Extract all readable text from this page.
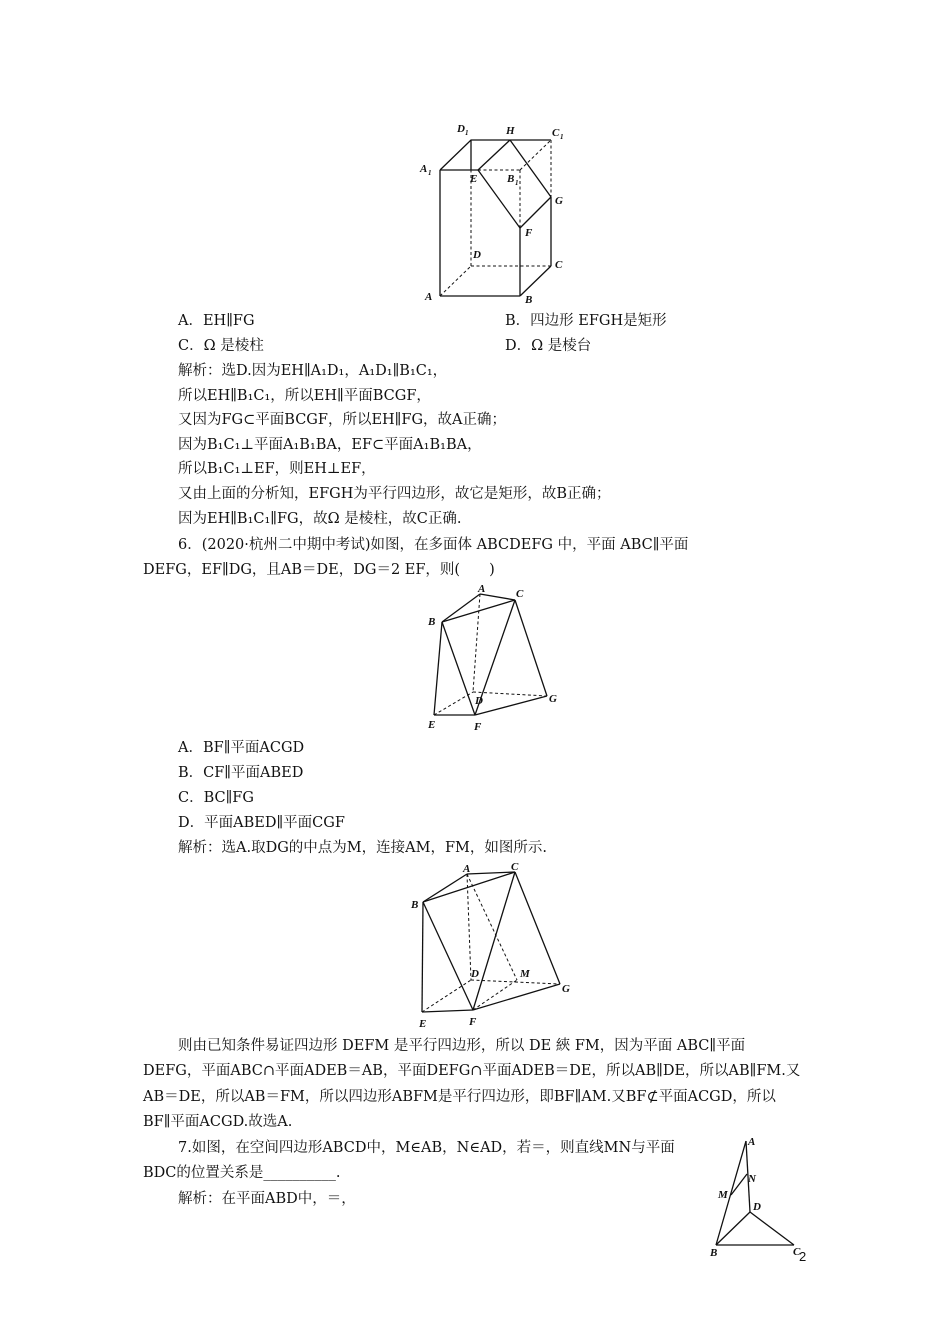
A 1
D 1	H	C 1
E	B 1
G
F
D
C
A	B
A．EH∥FG	B．四边形 EFGH是矩形
C．Ω 是棱柱	D．Ω 是棱台
解析：选D.因为EH∥A₁D₁，A₁D₁∥B₁C₁，
所以EH∥B₁C₁，所以EH∥平面BCGF，
又因为FG⊂平面BCGF，所以EH∥FG，故A正确；
因为B₁C₁⊥平面A₁B₁BA，EF⊂平面A₁B₁BA，
所以B₁C₁⊥EF，则EH⊥EF，
又由上面的分析知，EFGH为平行四边形，故它是矩形，故B正确；
因为EH∥B₁C₁∥FG，故Ω 是棱柱，故C正确.
6．(2020·杭州二中期中考试)如图，在多面体 ABCDEFG 中，平面 ABC∥平面
DEFG，EF∥DG，且AB＝DE，DG＝2 EF，则(　　)
A
B
C
D
E	F
G
A．BF∥平面ACGD
B．CF∥平面ABED
C．BC∥FG
D．平面ABED∥平面CGF
解析：选A.取DG的中点为M，连接AM，FM，如图所示.
A
B
C
D	M
E	F
G
则由已知条件易证四边形 DEFM 是平行四边形，所以 DE 綊 FM，因为平面 ABC∥平面
DEFG，平面ABC∩平面ADEB＝AB，平面DEFG∩平面ADEB＝DE，所以AB∥DE，所以AB∥FM.又
AB＝DE，所以AB＝FM，所以四边形ABFM是平行四边形，即BF∥AM.又BF⊄平面ACGD，所以
BF∥平面ACGD.故选A.
7.如图，在空间四边形ABCD中，M∈AB，N∈AD，若＝，则直线MN与平面
BDC的位置关系是__________.
解析：在平面ABD中，＝，
A
N
M
D
B	C
2
